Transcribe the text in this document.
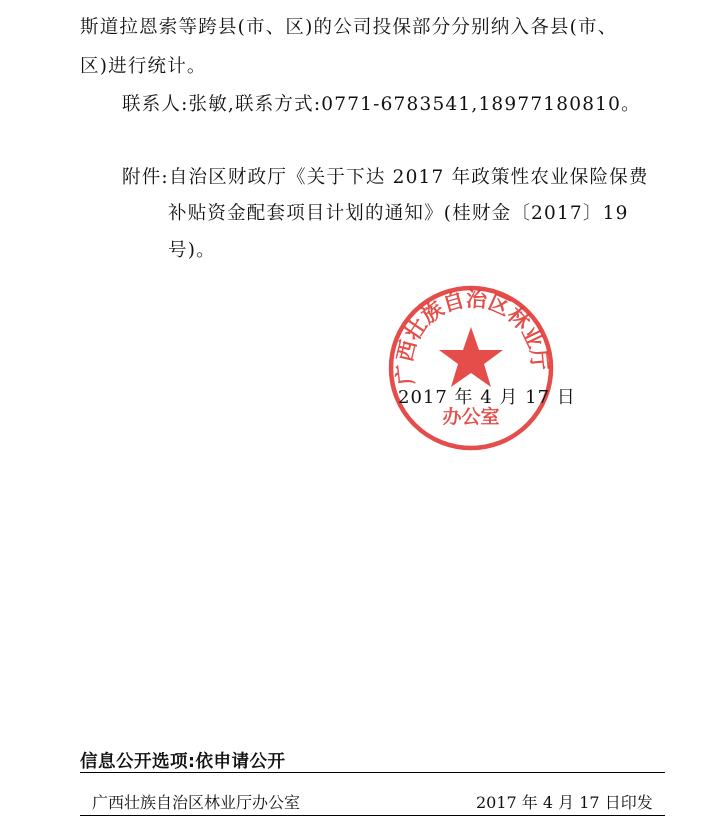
斯道拉恩索等跨县(市、区)的公司投保部分分别纳入各县(市、
区)进行统计。
联系人:张敏,联系方式:0771-6783541,18977180810。
附件:自治区财政厅《关于下达 2017 年政策性农业保险保费
补贴资金配套项目计划的通知》(桂财金〔2017〕19
号)。
广西壮族自治区林业厅
办公室
2017 年 4 月 17 日
信息公开选项:依申请公开
广西壮族自治区林业厅办公室	2017 年 4 月 17 日印发
